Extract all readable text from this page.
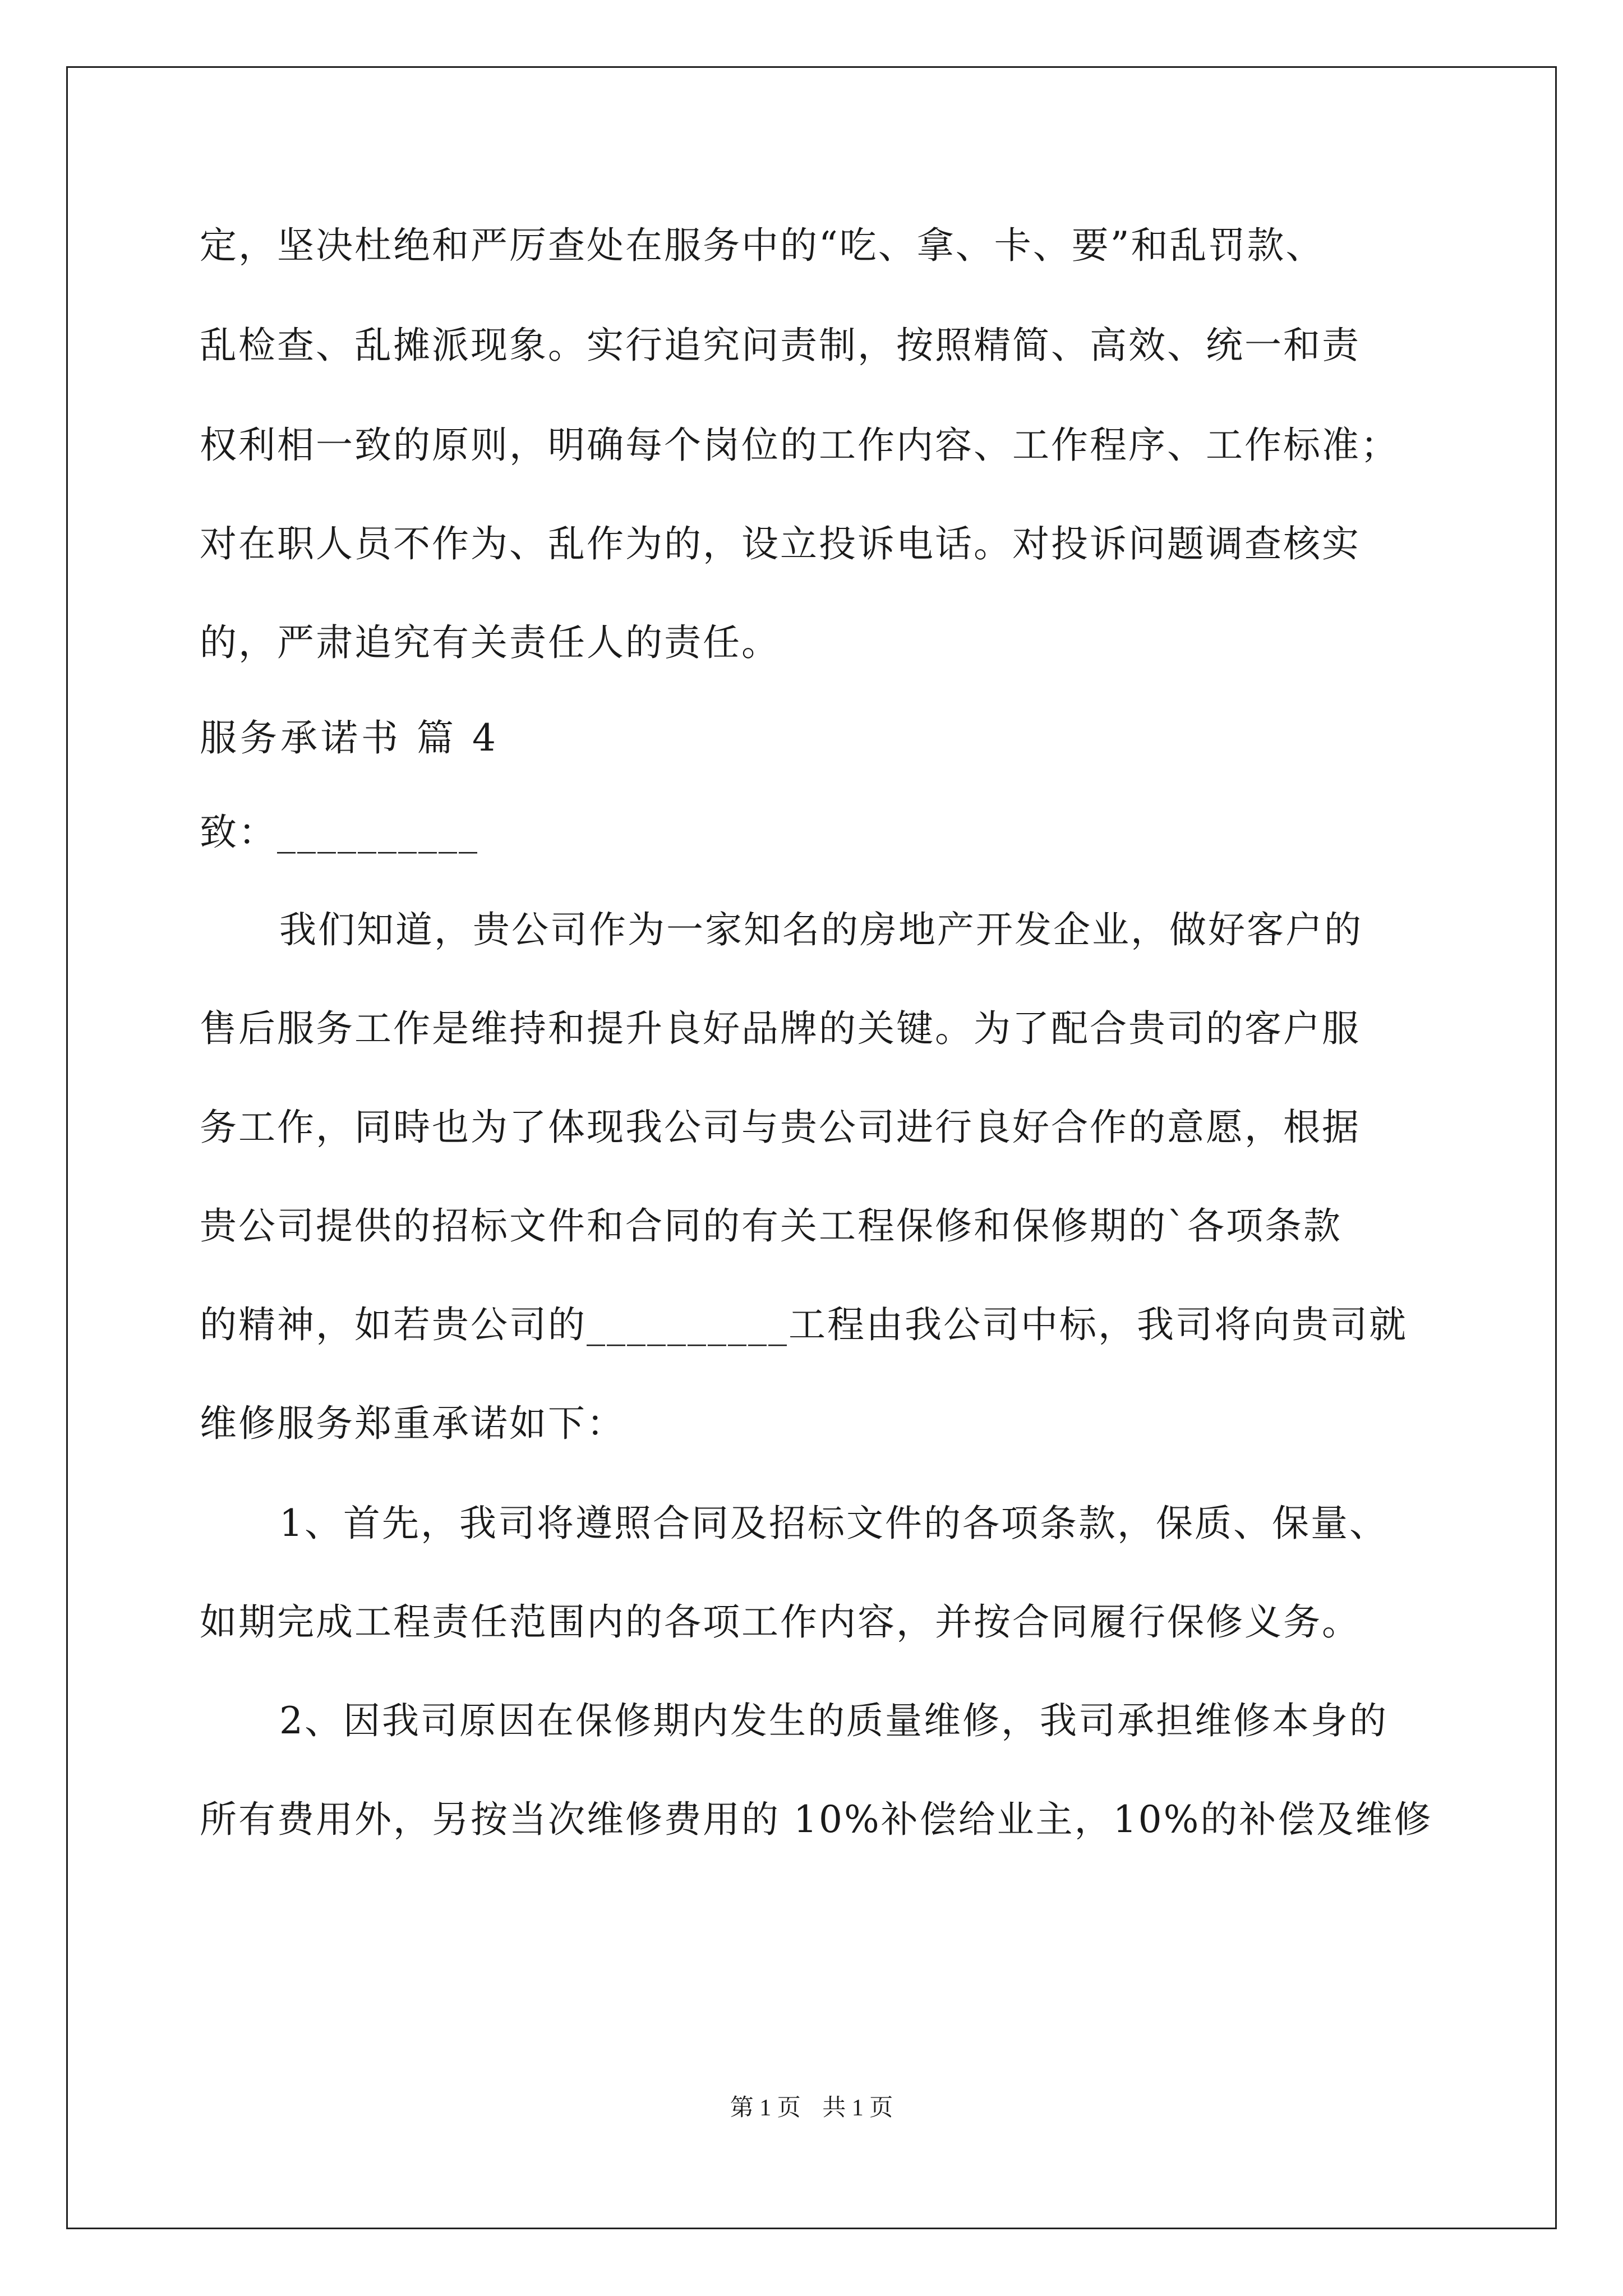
定，坚决杜绝和严厉查处在服务中的“吃、拿、卡、要”和乱罚款、
乱检查、乱摊派现象。实行追究问责制，按照精简、高效、统一和责
权利相一致的原则，明确每个岗位的工作内容、工作程序、工作标准；
对在职人员不作为、乱作为的，设立投诉电话。对投诉问题调查核实
的，严肃追究有关责任人的责任。
服务承诺书 篇 4
致：__________
我们知道，贵公司作为一家知名的房地产开发企业，做好客户的
售后服务工作是维持和提升良好品牌的关键。为了配合贵司的客户服
务工作，同時也为了体现我公司与贵公司进行良好合作的意愿，根据
贵公司提供的招标文件和合同的有关工程保修和保修期的`各项条款
的精神，如若贵公司的__________工程由我公司中标，我司将向贵司就
维修服务郑重承诺如下：
1、首先，我司将遵照合同及招标文件的各项条款，保质、保量、
如期完成工程责任范围内的各项工作内容，并按合同履行保修义务。
2、因我司原因在保修期内发生的质量维修，我司承担维修本身的
所有费用外，另按当次维修费用的 10%补偿给业主，10%的补偿及维修
第 1 页 共 1 页
